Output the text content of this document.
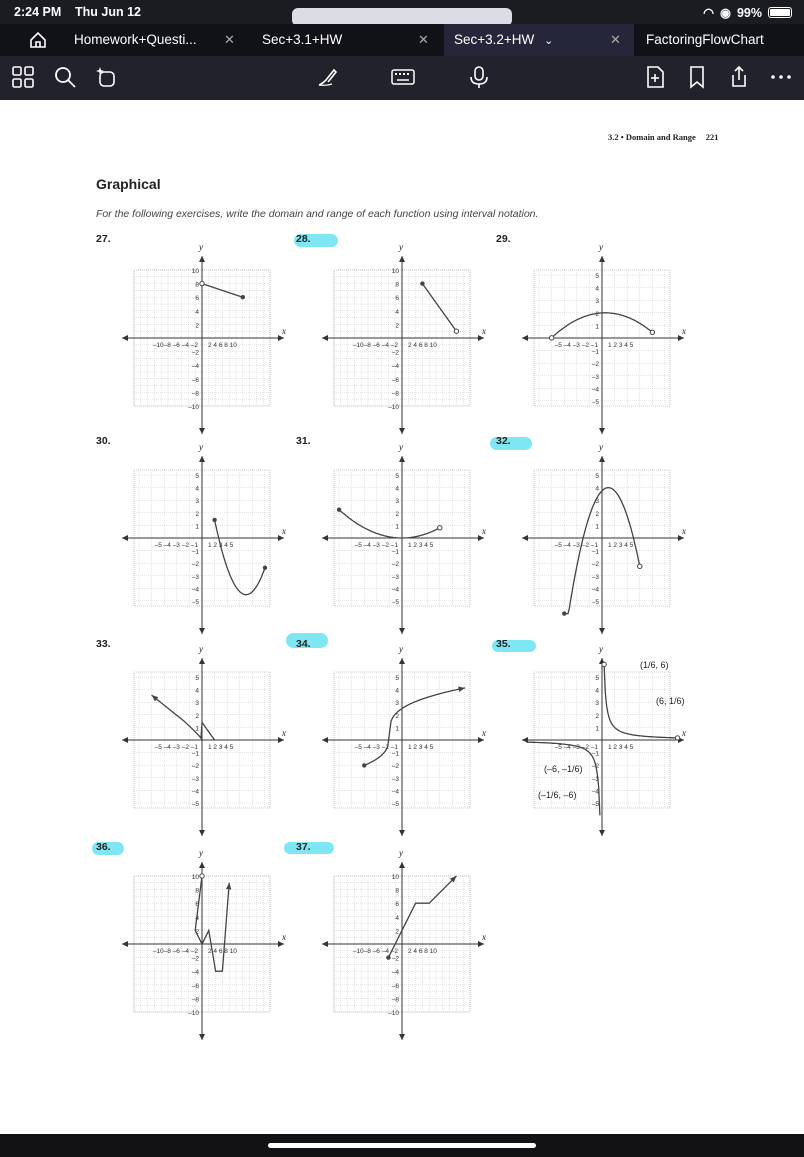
2:24 PM Thu Jun 12	◠ ◉ 99%
Homework+Questi... ✕	Sec+3.1+HW	✕	Sec+3.2+HW ⌄	✕	FactoringFlowChart
3.2 • Domain and Range 221
Graphical
For the following exercises, write the domain and range of each function using interval notation.
27.	28.	29.
30.	31.	32.
33.	34.	35.
36.	37.
y
x
10
8
6
4
2
–2
–4
–6
–8
–10
–10–8 –6 –4 –2 2 4 6 8 10
y
x
10
8
6
4
2
–2
–4
–6
–8
–10
–10–8 –6 –4 –2 2 4 6 8 10
y
x
5
4
3
2
1
–1
–2
–3
–4
–5
–5 –4 –3 –2 –1 1 2 3 4 5
y
x
5
4
3
2
1
–1
–2
–3
–4
–5
–5 –4 –3 –2 –1 1 2 3 4 5
y
x
5
4
3
2
1
–1
–2
–3
–4
–5
–5 –4 –3 –2 –1 1 2 3 4 5
y
x
5
4
3
2
1
–1
–2
–3
–4
–5
–5 –4 –3 –2 –1 1 2 3 4 5
y
x
5
4
3
2
1
–1
–2
–3
–4
–5
–5 –4 –3 –2 –1 1 2 3 4 5
y
x
5
4
3
2
1
–1
–2
–3
–4
–5
–5 –4 –3 –2 –1 1 2 3 4 5
y
x
5
4
3
2
1
–1
–2
–3
–4
–5
–5 –4 –3 –2 –1 1 2 3 4 5
y
x
10
8
6
4
2
–2
–4
–6
–8
–10
–10–8 –6 –4 –2 2 4 6 8 10
y
x
10
8
6
4
2
–2
–4
–6
–8
–10
–10–8 –6 –4 –2 2 4 6 8 10
(1/6, 6)
(6, 1/6)
(–6, –1/6)
(–1/6, –6)
